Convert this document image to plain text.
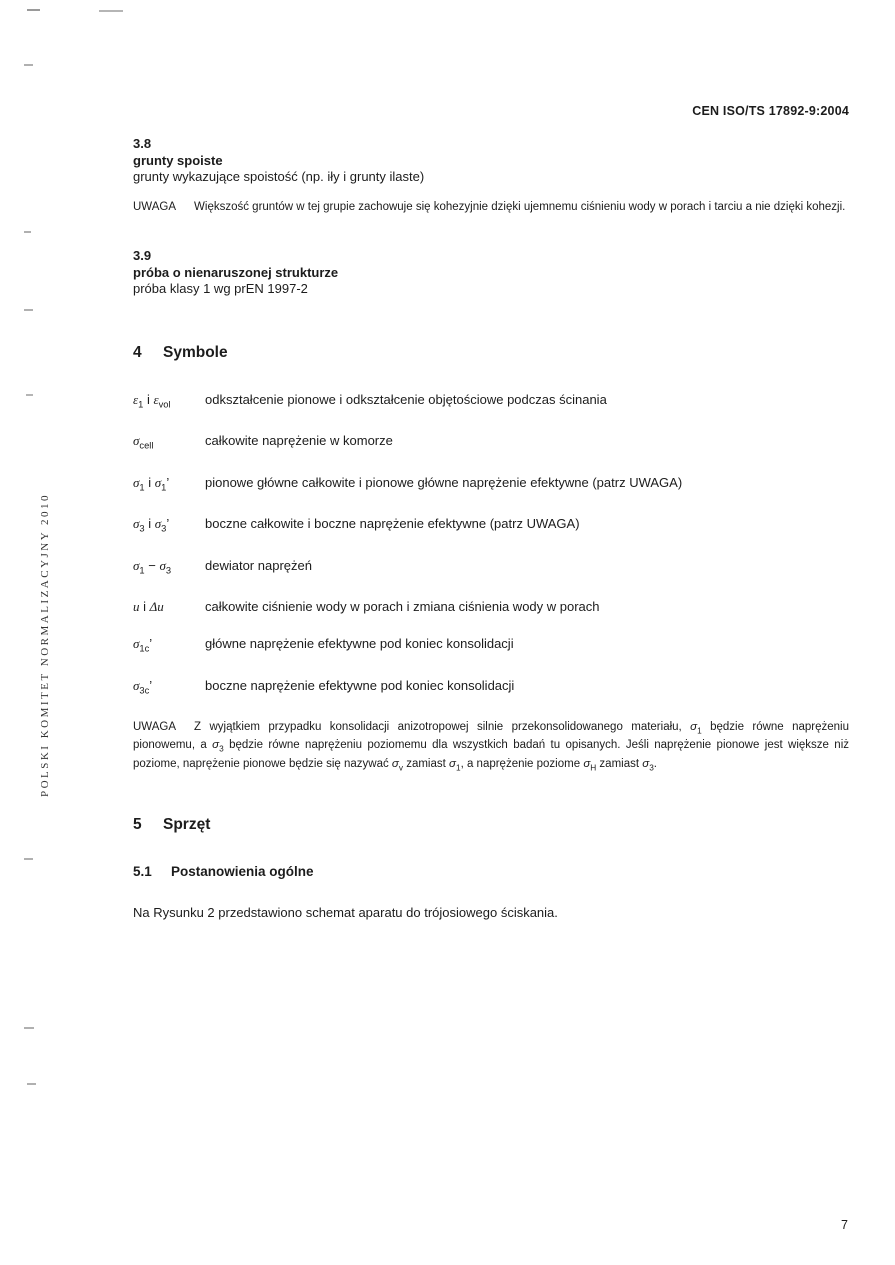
POLSKI KOMITET NORMALIZACYJNY 2010
CEN ISO/TS 17892-9:2004

3.8

grunty spoiste

grunty wykazujące spoistość (np. iły i grunty ilaste)

UWAGA Większość gruntów w tej grupie zachowuje się kohezyjnie dzięki ujemnemu ciśnieniu wody w porach i tarciu a nie dzięki kohezji.

3.9

próba o nienaruszonej strukturze

próba klasy 1 wg prEN 1997-2

4 Symbole
$\varepsilon_1$ i $\varepsilon_{vol}$	odkształcenie pionowe i odkształcenie objętościowe podczas ścinania
$\sigma_{cell}$	całkowite naprężenie w komorze
$\sigma_1$ i $\sigma_1$’	pionowe główne całkowite i pionowe główne naprężenie efektywne (patrz UWAGA)
$\sigma_3$ i $\sigma_3$’	boczne całkowite i boczne naprężenie efektywne (patrz UWAGA)
$\sigma_1 - \sigma_3$	dewiator naprężeń
u i Δu	całkowite ciśnienie wody w porach i zmiana ciśnienia wody w porach
$\sigma_{1c}$’	główne naprężenie efektywne pod koniec konsolidacji
$\sigma_{3c}$’	boczne naprężenie efektywne pod koniec konsolidacji

UWAGA Z wyjątkiem przypadku konsolidacji anizotropowej silnie przekonsolidowanego materiału, $\sigma_1$ będzie równe naprężeniu pionowemu, a $\sigma_3$ będzie równe naprężeniu poziomemu dla wszystkich badań tu opisanych. Jeśli naprężenie pionowe jest większe niż poziome, naprężenie pionowe będzie się nazywać $\sigma_v$ zamiast $\sigma_1$, a naprężenie poziome $\sigma_H$ zamiast $\sigma_3$.

5 Sprzęt
5.1 Postanowienia ogólne

Na Rysunku 2 przedstawiono schemat aparatu do trójosiowego ściskania.

7
